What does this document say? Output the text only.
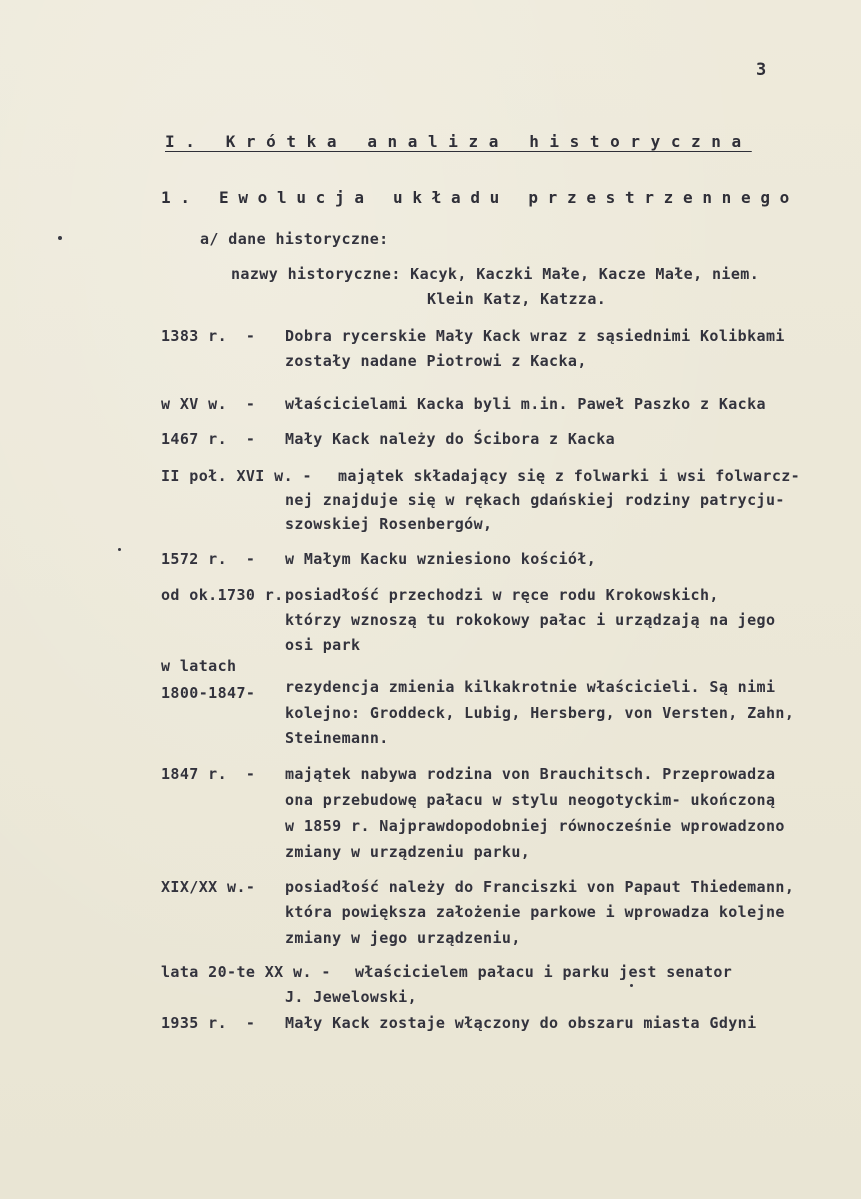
3
I. Krótka analiza historyczna
1. Ewolucja układu przestrzennego
a/ dane historyczne:
nazwy historyczne: Kacyk, Kaczki Małe, Kacze Małe, niem.
Klein Katz, Katzza.
1383 r.  - Dobra rycerskie Mały Kack wraz z sąsiednimi Kolibkami
zostały nadane Piotrowi z Kacka,
w XV w.  - właścicielami Kacka byli m.in. Paweł Paszko z Kacka
1467 r.  - Mały Kack należy do Ścibora z Kacka
II poł. XVI w. - majątek składający się z folwarki i wsi folwarcz-
nej znajduje się w rękach gdańskiej rodziny patrycju-
szowskiej Rosenbergów,
1572 r.  - w Małym Kacku wzniesiono kościół,
od ok.1730 r. posiadłość przechodzi w ręce rodu Krokowskich,
którzy wznoszą tu rokokowy pałac i urządzają na jego
osi park
w latach
1800-1847- rezydencja zmienia kilkakrotnie właścicieli. Są nimi
kolejno: Groddeck, Lubig, Hersberg, von Versten, Zahn,
Steinemann.
1847 r.  - majątek nabywa rodzina von Brauchitsch. Przeprowadza
ona przebudowę pałacu w stylu neogotyckim- ukończoną
w 1859 r. Najprawdopodobniej równocześnie wprowadzono
zmiany w urządzeniu parku,
XIX/XX w.- posiadłość należy do Franciszki von Papaut Thiedemann,
która powiększa założenie parkowe i wprowadza kolejne
zmiany w jego urządzeniu,
lata 20-te XX w. - właścicielem pałacu i parku jest senator
J. Jewelowski,
1935 r.  - Mały Kack zostaje włączony do obszaru miasta Gdyni
